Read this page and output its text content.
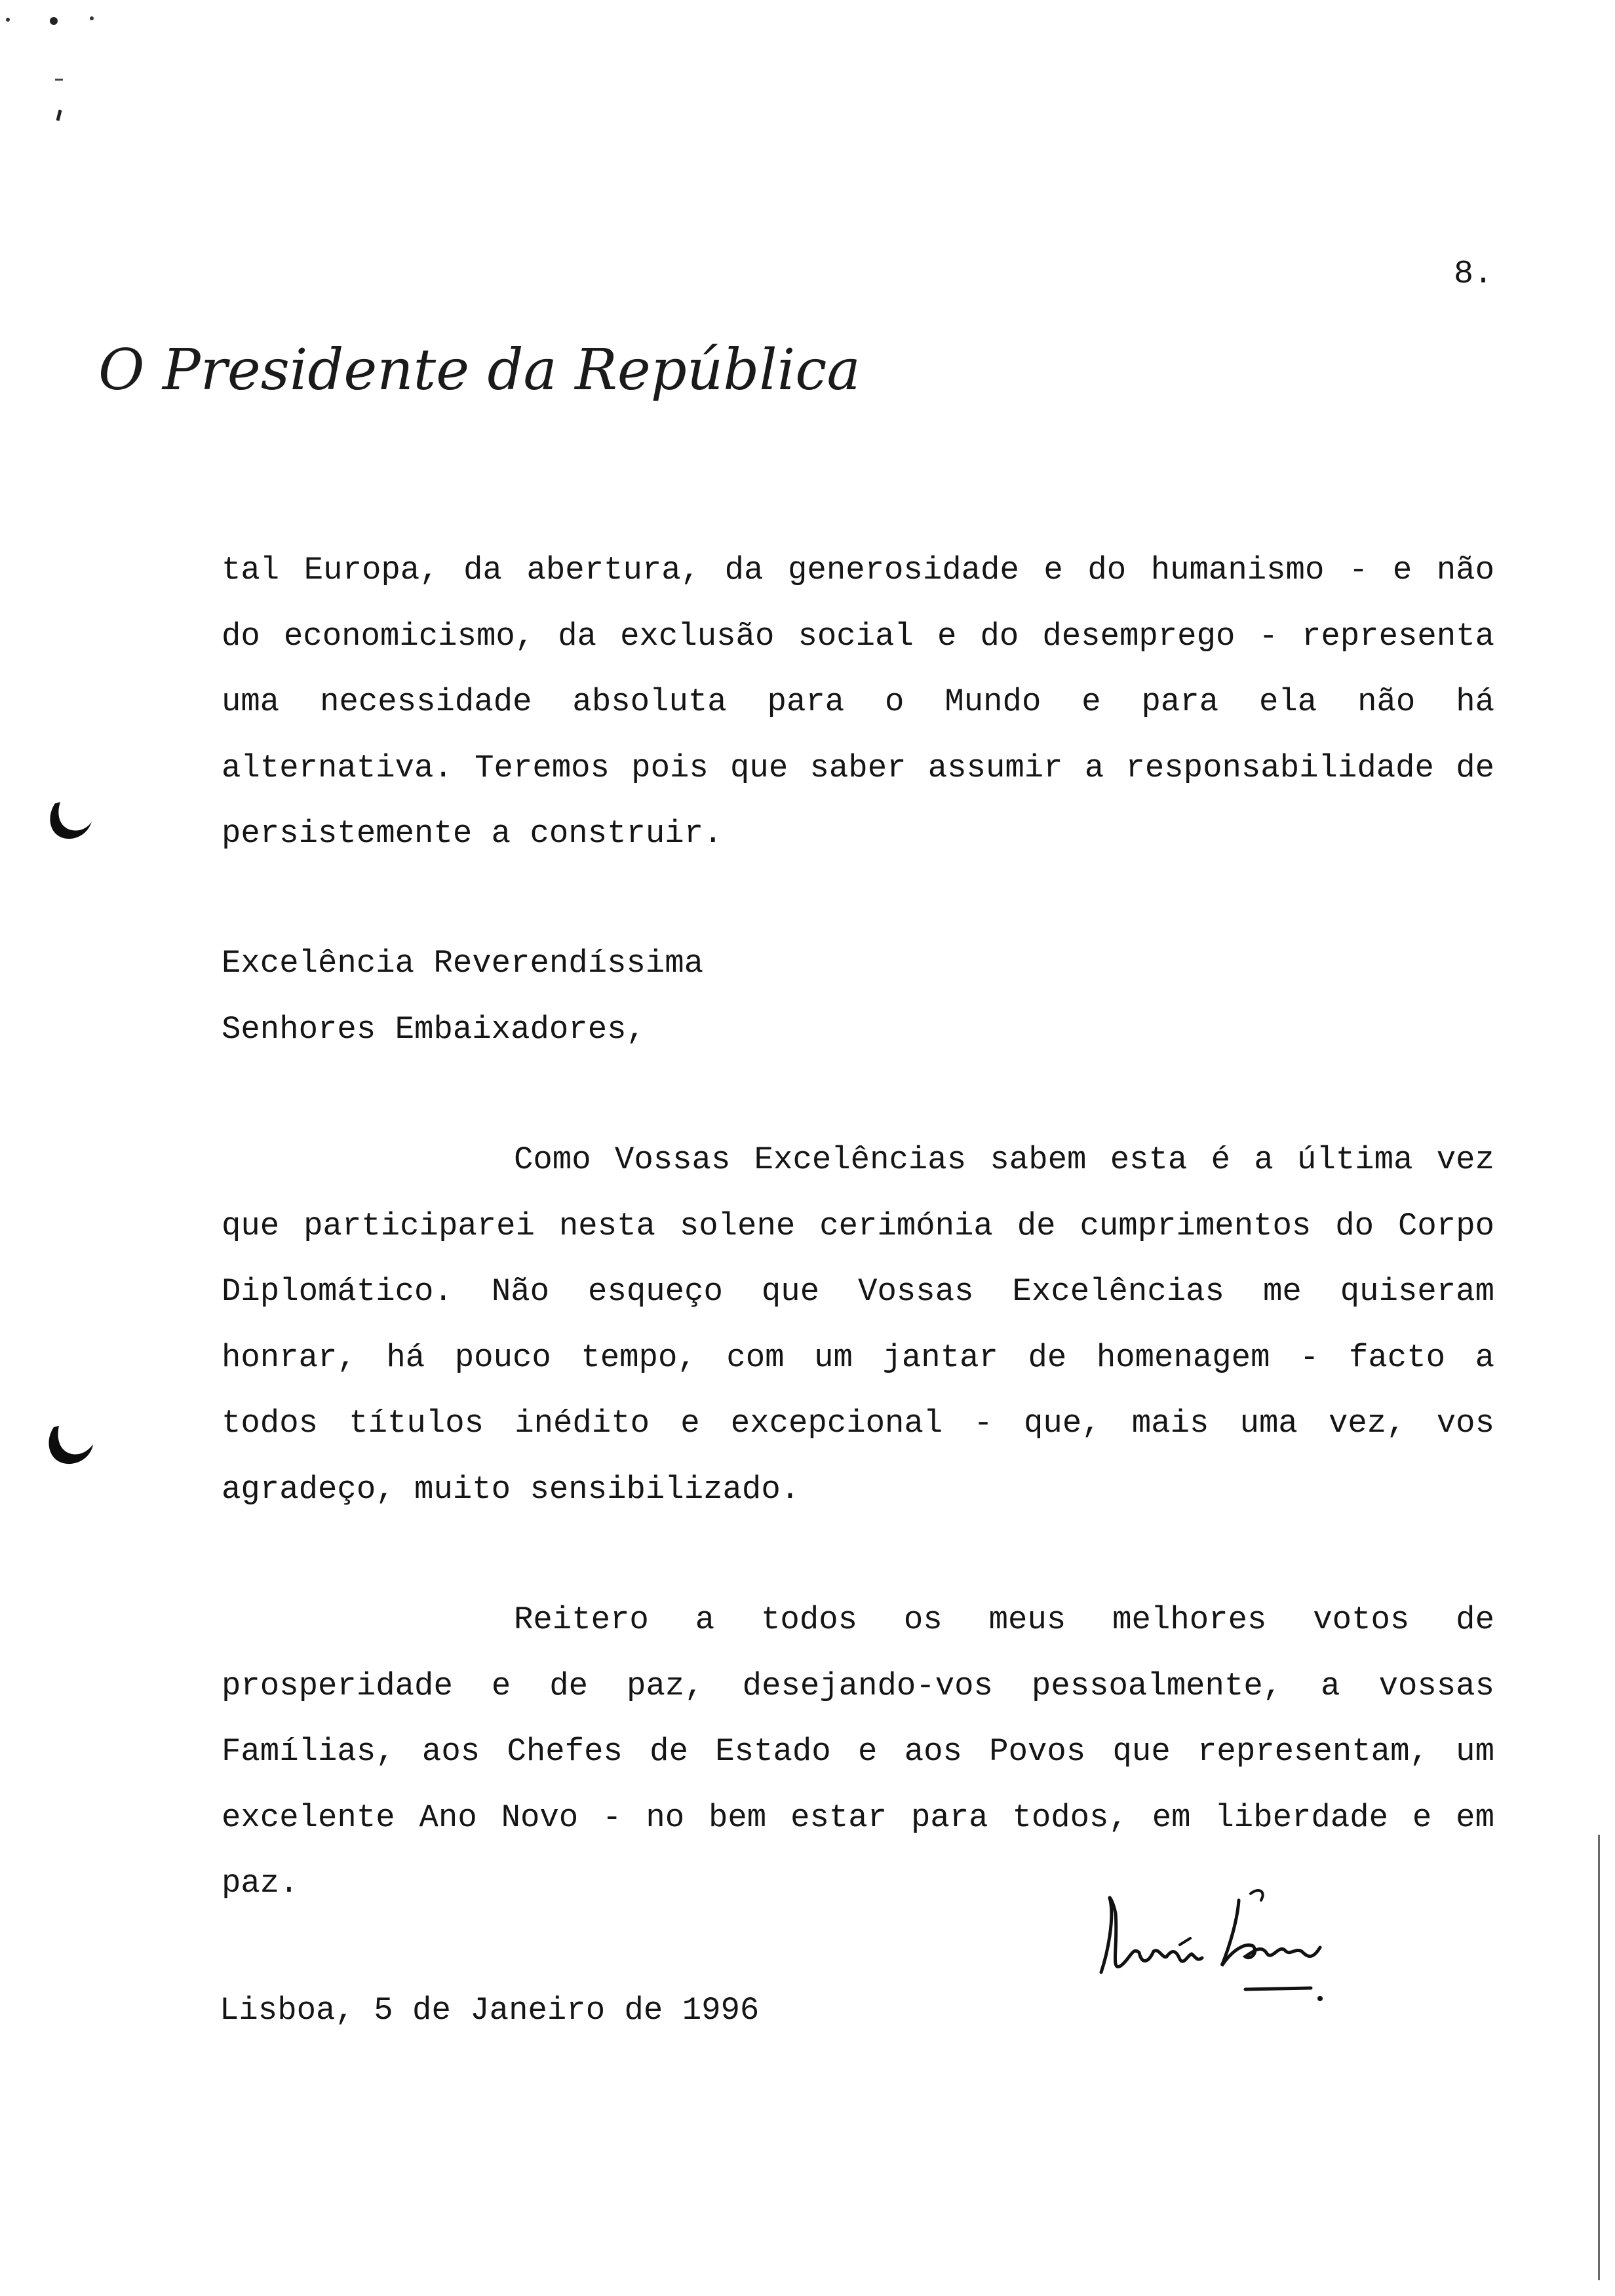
8.
O Presidente da República
tal Europa, da abertura, da generosidade e do humanismo - e não
do economicismo, da exclusão social e do desemprego - representa
uma necessidade absoluta para o Mundo e para ela não há
alternativa. Teremos pois que saber assumir a responsabilidade de
persistemente a construir.
Excelência Reverendíssima
Senhores Embaixadores,
Como Vossas Excelências sabem esta é a última vez
que participarei nesta solene cerimónia de cumprimentos do Corpo
Diplomático. Não esqueço que Vossas Excelências me quiseram
honrar, há pouco tempo, com um jantar de homenagem - facto a
todos títulos inédito e excepcional - que, mais uma vez, vos
agradeço, muito sensibilizado.
Reitero a todos os meus melhores votos de
prosperidade e de paz, desejando-vos pessoalmente, a vossas
Famílias, aos Chefes de Estado e aos Povos que representam, um
excelente Ano Novo - no bem estar para todos, em liberdade e em
paz.
Lisboa, 5 de Janeiro de 1996
